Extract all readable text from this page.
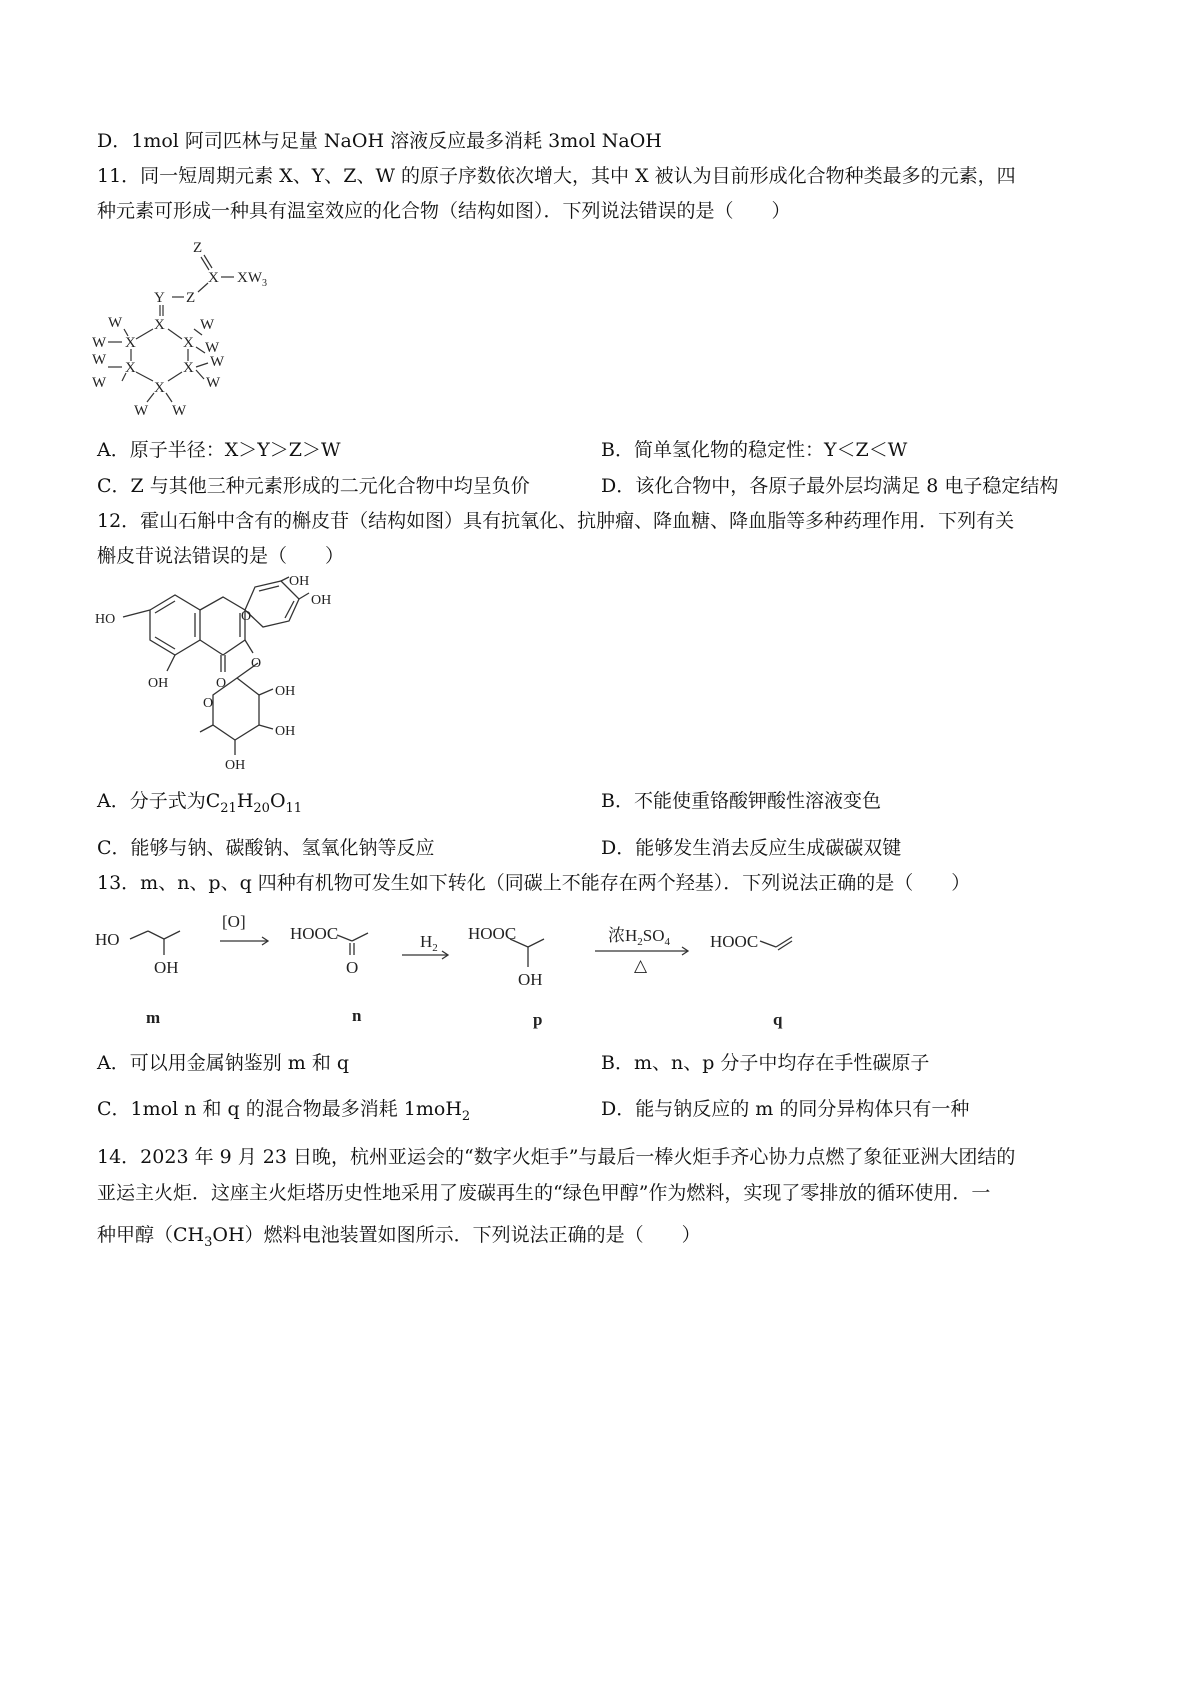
D．1mol 阿司匹林与足量 NaOH 溶液反应最多消耗 3mol NaOH
11．同一短周期元素 X、Y、Z、W 的原子序数依次增大，其中 X 被认为目前形成化合物种类最多的元素，四
种元素可形成一种具有温室效应的化合物（结构如图）．下列说法错误的是（　　）
Z
X $XW_3$
Z
Y
X
X	X
X	X
X
W
W
W
W
W
W
W
W
W W
A．原子半径：X＞Y＞Z＞W	B．简单氢化物的稳定性：Y＜Z＜W
C．Z 与其他三种元素形成的二元化合物中均呈负价	D．该化合物中，各原子最外层均满足 8 电子稳定结构
12．霍山石斛中含有的槲皮苷（结构如图）具有抗氧化、抗肿瘤、降血糖、降血脂等多种药理作用．下列有关
槲皮苷说法错误的是（　　）
OH
OH
HO
OH	O
O
O
O
OH
OH
OH
A．分子式为$C_{21}H_{20}O_{11}$	B．不能使重铬酸钾酸性溶液变色
C．能够与钠、碳酸钠、氢氧化钠等反应	D．能够发生消去反应生成碳碳双键
13．m、n、p、q 四种有机物可发生如下转化（同碳上不能存在两个羟基）．下列说法正确的是（　　）
HO
OH
[O]
HOOC
O
$H_2$
HOOC
OH
浓$H_2SO_4$
△
HOOC
m	n	p	q
A．可以用金属钠鉴别 m 和 q	B．m、n、p 分子中均存在手性碳原子
C．1mol n 和 q 的混合物最多消耗 1moH$_2$	D．能与钠反应的 m 的同分异构体只有一种
14．2023 年 9 月 23 日晚，杭州亚运会的“数字火炬手”与最后一棒火炬手齐心协力点燃了象征亚洲大团结的
亚运主火炬．这座主火炬塔历史性地采用了废碳再生的“绿色甲醇”作为燃料，实现了零排放的循环使用．一
种甲醇$(CH_3OH)$燃料电池装置如图所示．下列说法正确的是（　　）
